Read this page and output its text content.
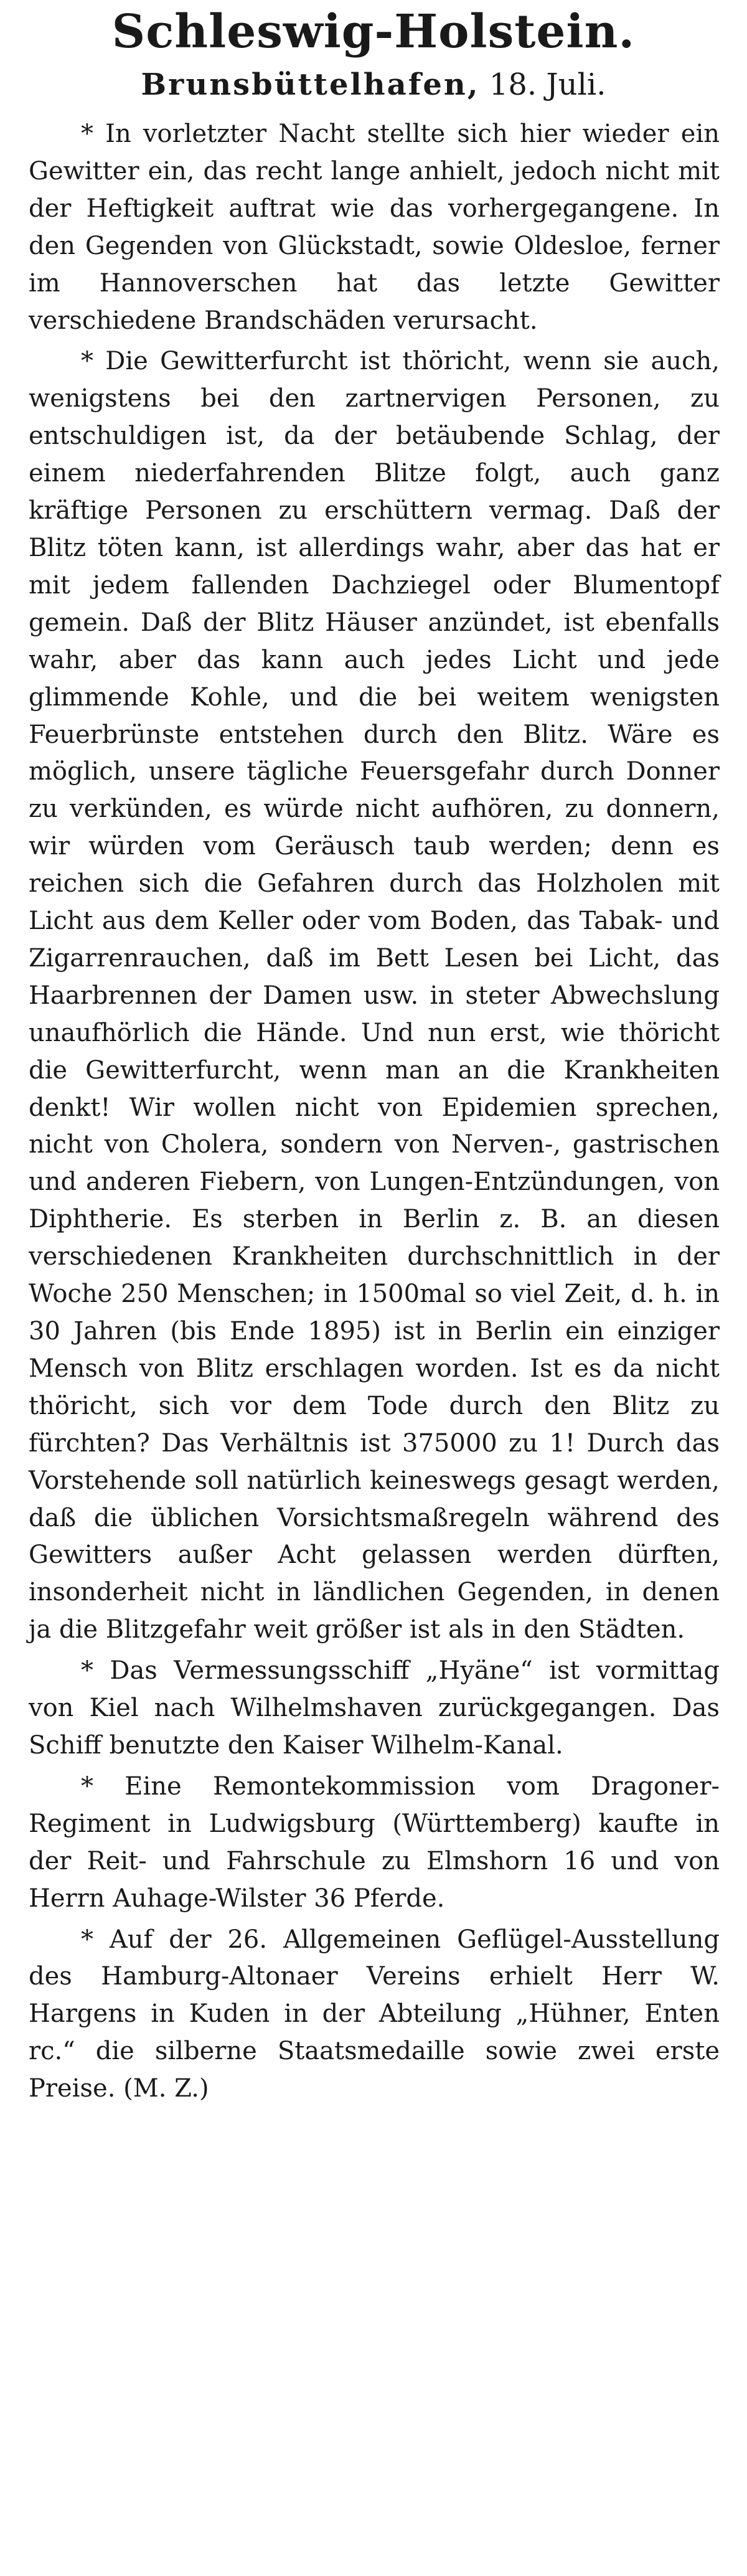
Schleswig-Holstein.
Brunsbüttelhafen, 18. Juli.

* In vorletzter Nacht stellte sich hier wieder ein Gewitter ein, das recht lange anhielt, jedoch nicht mit der Heftigkeit auftrat wie das vorhergegangene. In den Gegenden von Glückstadt, sowie Oldesloe, ferner im Hannoverschen hat das letzte Gewitter verschiedene Brandschäden verursacht.

* Die Gewitterfurcht ist thöricht, wenn sie auch, wenigstens bei den zartnervigen Personen, zu entschuldigen ist, da der betäubende Schlag, der einem niederfahrenden Blitze folgt, auch ganz kräftige Personen zu erschüttern vermag. Daß der Blitz töten kann, ist allerdings wahr, aber das hat er mit jedem fallenden Dachziegel oder Blumentopf gemein. Daß der Blitz Häuser anzündet, ist ebenfalls wahr, aber das kann auch jedes Licht und jede glimmende Kohle, und die bei weitem wenigsten Feuerbrünste entstehen durch den Blitz. Wäre es möglich, unsere tägliche Feuersgefahr durch Donner zu verkünden, es würde nicht aufhören, zu donnern, wir würden vom Geräusch taub werden; denn es reichen sich die Gefahren durch das Holzholen mit Licht aus dem Keller oder vom Boden, das Tabak- und Zigarrenrauchen, daß im Bett Lesen bei Licht, das Haarbrennen der Damen usw. in steter Abwechslung unaufhörlich die Hände. Und nun erst, wie thöricht die Gewitterfurcht, wenn man an die Krankheiten denkt! Wir wollen nicht von Epidemien sprechen, nicht von Cholera, sondern von Nerven-, gastrischen und anderen Fiebern, von Lungen-Entzündungen, von Diphtherie. Es sterben in Berlin z. B. an diesen verschiedenen Krankheiten durchschnittlich in der Woche 250 Menschen; in 1500mal so viel Zeit, d. h. in 30 Jahren (bis Ende 1895) ist in Berlin ein einziger Mensch von Blitz erschlagen worden. Ist es da nicht thöricht, sich vor dem Tode durch den Blitz zu fürchten? Das Verhältnis ist 375000 zu 1! Durch das Vorstehende soll natürlich keineswegs gesagt werden, daß die üblichen Vorsichtsmaßregeln während des Gewitters außer Acht gelassen werden dürften, insonderheit nicht in ländlichen Gegenden, in denen ja die Blitzgefahr weit größer ist als in den Städten.

* Das Vermessungsschiff „Hyäne“ ist vormittag von Kiel nach Wilhelmshaven zurückgegangen. Das Schiff benutzte den Kaiser Wilhelm-Kanal.

* Eine Remontekommission vom Dragoner-Regiment in Ludwigsburg (Württemberg) kaufte in der Reit- und Fahrschule zu Elmshorn 16 und von Herrn Auhage-Wilster 36 Pferde.

* Auf der 26. Allgemeinen Geflügel-Ausstellung des Hamburg-Altonaer Vereins erhielt Herr W. Hargens in Kuden in der Abteilung „Hühner, Enten rc.“ die silberne Staatsmedaille sowie zwei erste Preise. (M. Z.)
